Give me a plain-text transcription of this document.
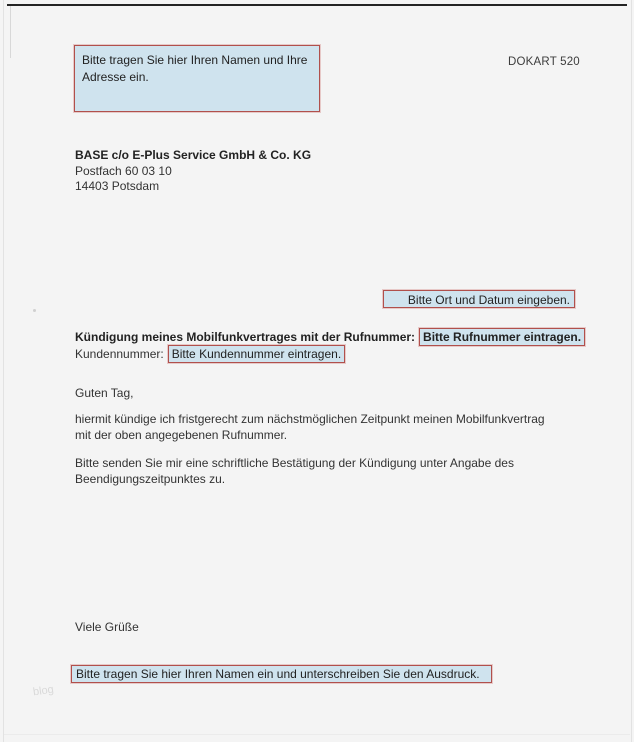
Bitte tragen Sie hier Ihren Namen und Ihre Adresse ein.
DOKART 520
BASE c/o E-Plus Service GmbH & Co. KG
Postfach 60 03 10
14403 Potsdam
Bitte Ort und Datum eingeben.
Kündigung meines Mobilfunkvertrages mit der Rufnummer: Bitte Rufnummer eintragen.
Kundennummer: Bitte Kundennummer eintragen.
Guten Tag,
hiermit kündige ich fristgerecht zum nächstmöglichen Zeitpunkt meinen Mobilfunkvertrag
mit der oben angegebenen Rufnummer.
Bitte senden Sie mir eine schriftliche Bestätigung der Kündigung unter Angabe des
Beendigungszeitpunktes zu.
Viele Grüße
Bitte tragen Sie hier Ihren Namen ein und unterschreiben Sie den Ausdruck.
blog
